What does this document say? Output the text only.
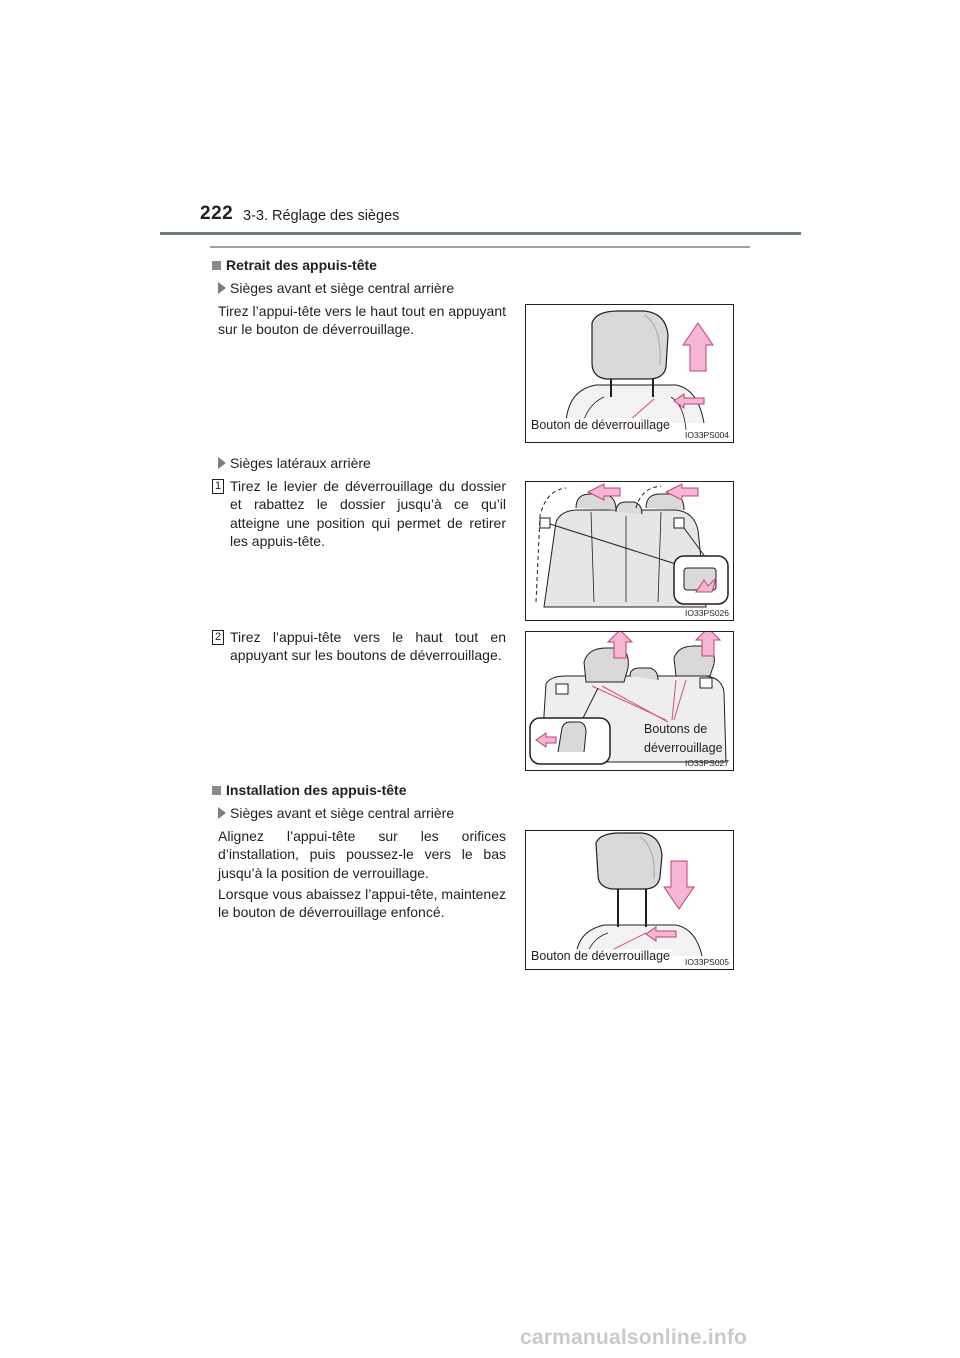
222 3-3. Réglage des sièges
Retrait des appuis-tête
Sièges avant et siège central arrière
Tirez l’appui-tête vers le haut tout en appuyant sur le bouton de déverrouillage.
Bouton de déverrouillage
IO33PS004
Sièges latéraux arrière
1 Tirez le levier de déverrouillage du dossier et rabattez le dossier jusqu’à ce qu’il atteigne une position qui permet de retirer les appuis-tête.
IO33PS026
2 Tirez l’appui-tête vers le haut tout en appuyant sur les boutons de déverrouillage.
Boutons de
déverrouillage
IO33PS027
Installation des appuis-tête
Sièges avant et siège central arrière
Alignez l’appui-tête sur les orifices d’installation, puis poussez-le vers le bas jusqu’à la position de verrouillage.
Lorsque vous abaissez l’appui-tête, maintenez le bouton de déverrouillage enfoncé.
Bouton de déverrouillage IO33PS005
carmanualsonline.info
